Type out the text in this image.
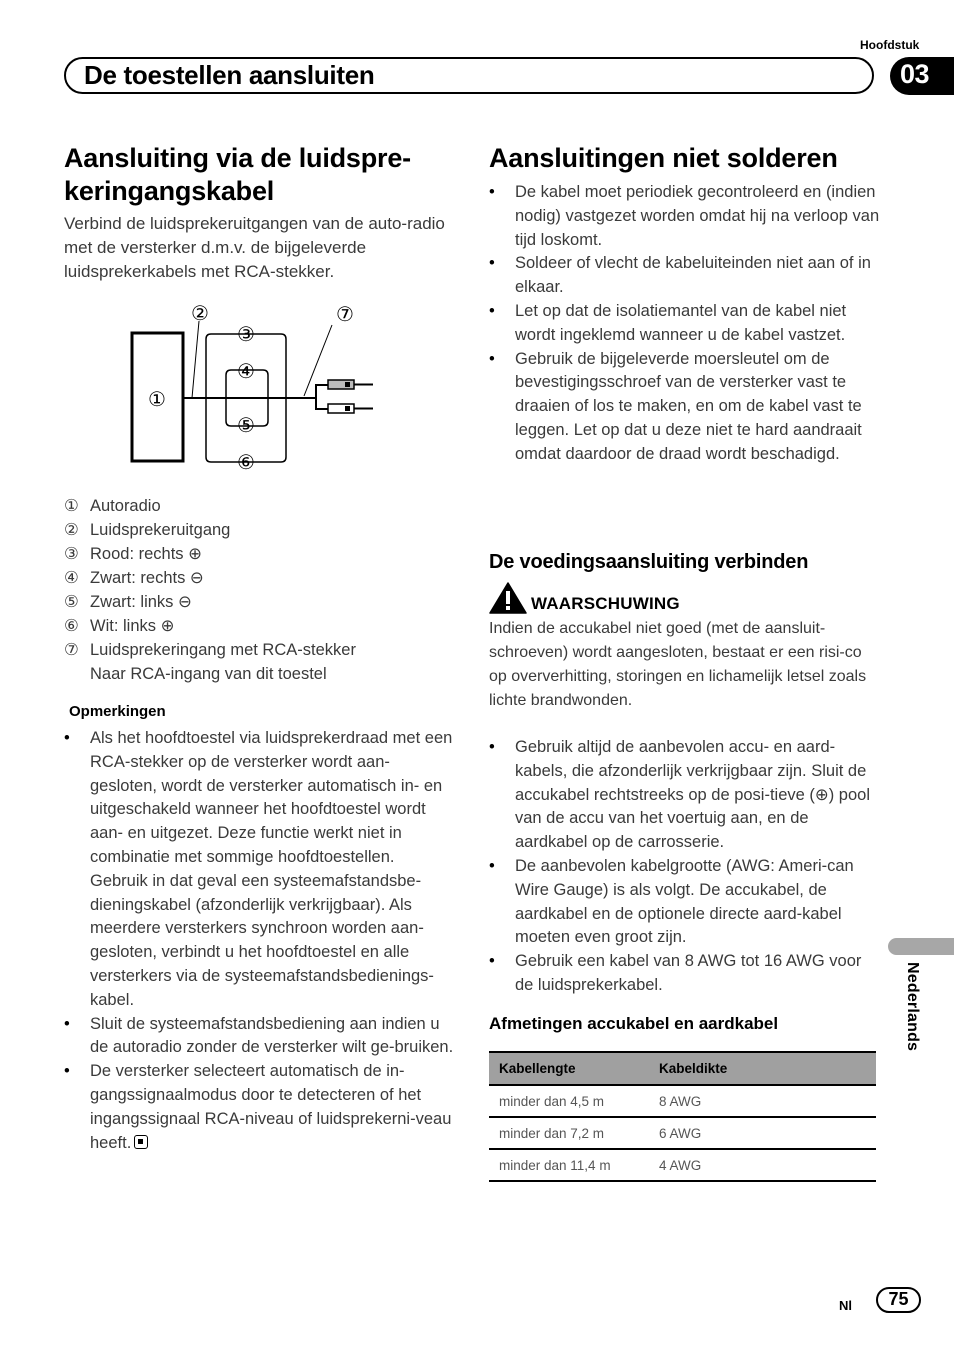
Hoofdstuk
De toestellen aansluiten	03
Aansluiting via de luidspre-
keringangskabel
Verbind de luidsprekeruitgangen van de auto-radio met de versterker d.m.v. de bijgeleverde luidsprekerkabels met RCA-stekker.
①
②
③
④
⑤
⑥
⑦
① Autoradio
② Luidsprekeruitgang
③ Rood: rechts ⊕
④ Zwart: rechts ⊖
⑤ Zwart: links ⊖
⑥ Wit: links ⊕
⑦ Luidsprekeringang met RCA-stekker
Naar RCA-ingang van dit toestel
Opmerkingen
• Als het hoofdtoestel via luidsprekerdraad met een RCA-stekker op de versterker wordt aan-gesloten, wordt de versterker automatisch in- en uitgeschakeld wanneer het hoofdtoestel wordt aan- en uitgezet. Deze functie werkt niet in combinatie met sommige hoofdtoestellen. Gebruik in dat geval een systeemafstandsbe-dieningskabel (afzonderlijk verkrijgbaar). Als meerdere versterkers synchroon worden aan-gesloten, verbindt u het hoofdtoestel en alle versterkers via de systeemafstandsbedienings-kabel.
• Sluit de systeemafstandsbediening aan indien u de autoradio zonder de versterker wilt ge-bruiken.
• De versterker selecteert automatisch de in-gangssignaalmodus door te detecteren of het ingangssignaal RCA-niveau of luidsprekerni-veau heeft.
Aansluitingen niet solderen
• De kabel moet periodiek gecontroleerd en (indien nodig) vastgezet worden omdat hij na verloop van tijd loskomt.
• Soldeer of vlecht de kabeluiteinden niet aan of in elkaar.
• Let op dat de isolatiemantel van de kabel niet wordt ingeklemd wanneer u de kabel vastzet.
• Gebruik de bijgeleverde moersleutel om de bevestigingsschroef van de versterker vast te draaien of los te maken, en om de kabel vast te leggen. Let op dat u deze niet te hard aandraait omdat daardoor de draad wordt beschadigd.
De voedingsaansluiting verbinden
WAARSCHUWING
Indien de accukabel niet goed (met de aansluit-schroeven) wordt aangesloten, bestaat er een risi-co op oververhitting, storingen en lichamelijk letsel zoals lichte brandwonden.
• Gebruik altijd de aanbevolen accu- en aard-kabels, die afzonderlijk verkrijgbaar zijn. Sluit de accukabel rechtstreeks op de posi-tieve (⊕) pool van de accu van het voertuig aan, en de aardkabel op de carrosserie.
• De aanbevolen kabelgrootte (AWG: Ameri-can Wire Gauge) is als volgt. De accukabel, de aardkabel en de optionele directe aard-kabel moeten even groot zijn.
• Gebruik een kabel van 8 AWG tot 16 AWG voor de luidsprekerkabel.
Afmetingen accukabel en aardkabel
Kabellengte	Kabeldikte
minder dan 4,5 m	8 AWG
minder dan 7,2 m	6 AWG
minder dan 11,4 m	4 AWG
Nederlands
Nl	75
